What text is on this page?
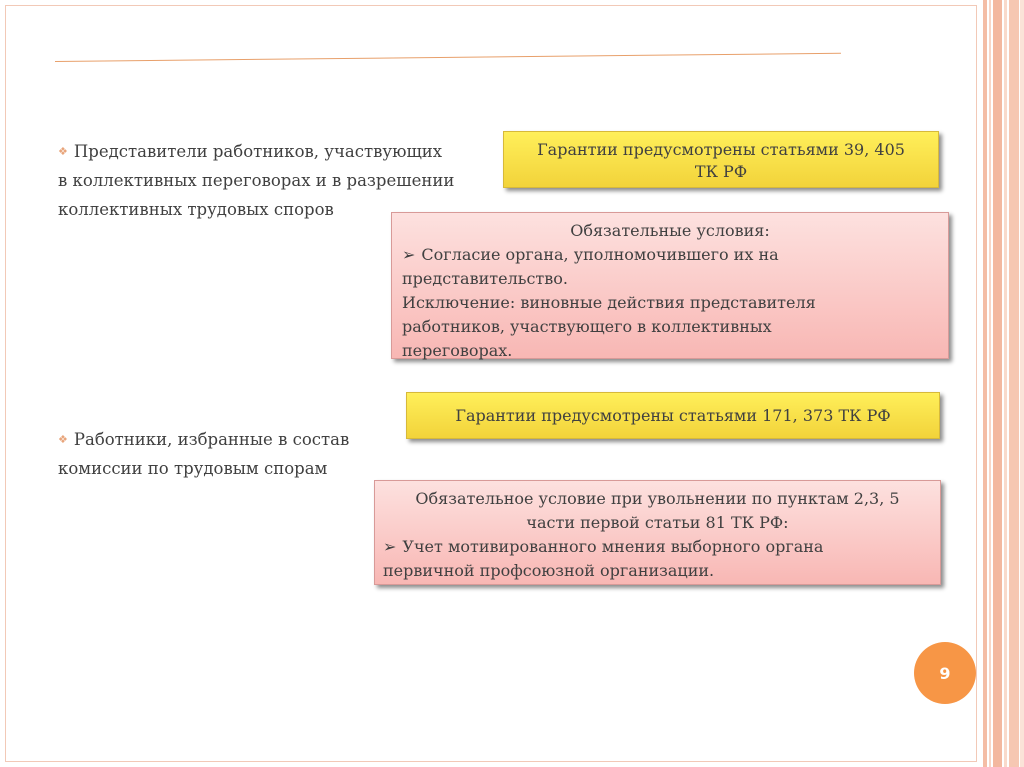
❖ Представители работников, участвующих
в коллективных переговорах и в разрешении
коллективных трудовых споров
❖ Работники, избранные в состав
комиссии по трудовым спорам
Гарантии предусмотрены статьями 39, 405
ТК РФ
Обязательные условия:
➢ Согласие органа, уполномочившего их на
представительство.
Исключение: виновные действия представителя
работников, участвующего в коллективных
переговорах.
Гарантии предусмотрены статьями 171, 373 ТК РФ
Обязательное условие при увольнении по пунктам 2,3, 5
части первой статьи 81 ТК РФ:
➢ Учет мотивированного мнения выборного органа
первичной профсоюзной организации.
9
